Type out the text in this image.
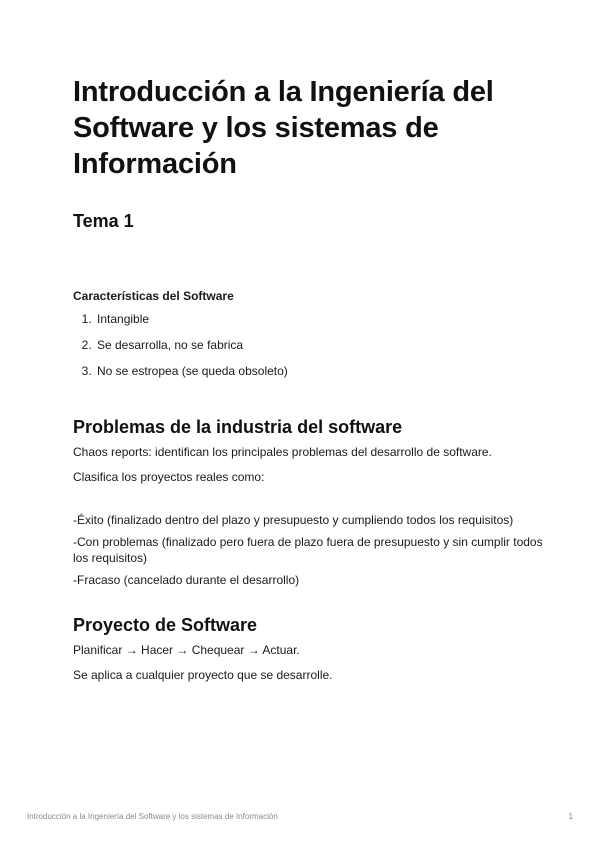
Introducción a la Ingeniería del Software y los sistemas de Información
Tema 1
Características del Software
1. Intangible
2. Se desarrolla, no se fabrica
3. No se estropea (se queda obsoleto)
Problemas de la industria del software

Chaos reports: identifican los principales problemas del desarrollo de software.

Clasifica los proyectos reales como:

-Éxito (finalizado dentro del plazo y presupuesto y cumpliendo todos los requisitos)

-Con problemas (finalizado pero fuera de plazo fuera de presupuesto y sin cumplir todos los requisitos)

-Fracaso (cancelado durante el desarrollo)

Proyecto de Software

Planificar → Hacer → Chequear → Actuar.

Se aplica a cualquier proyecto que se desarrolle.

Introducción a la Ingeniería del Software y los sistemas de Información	1
